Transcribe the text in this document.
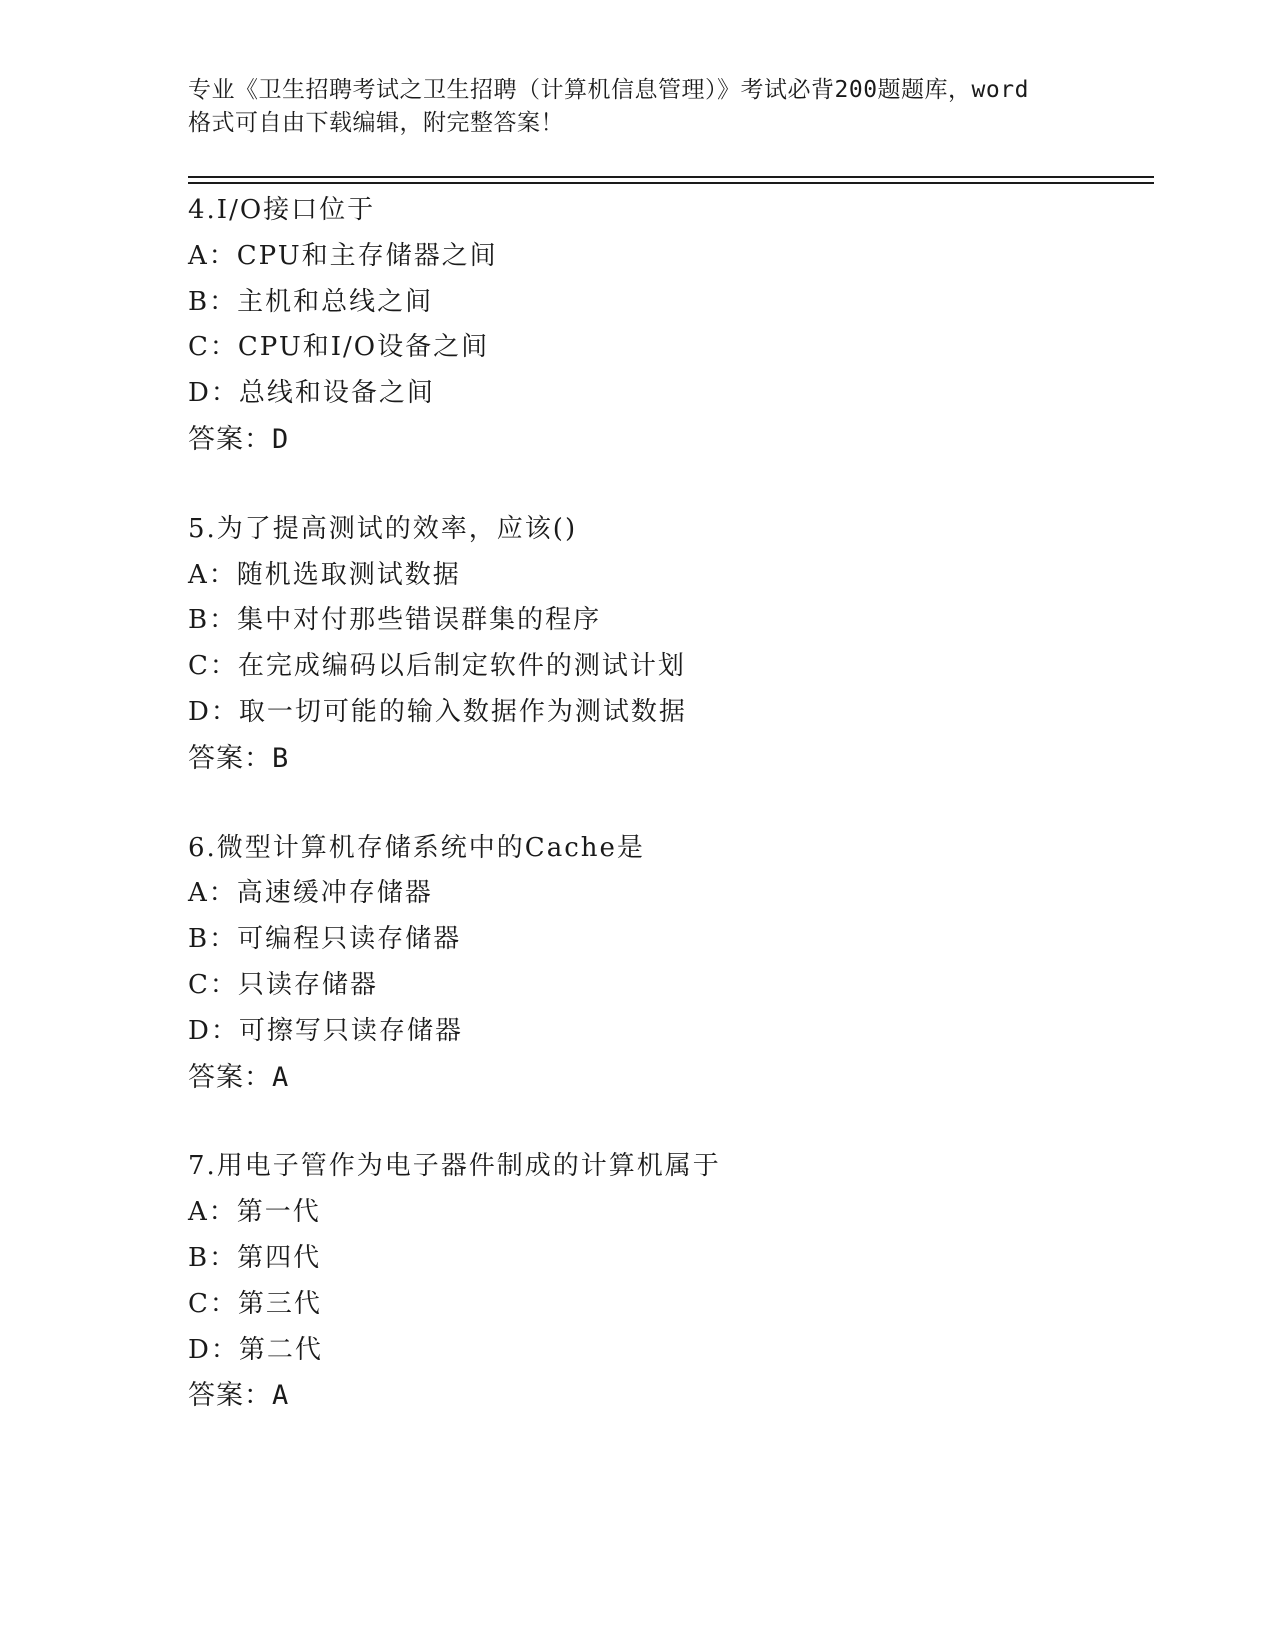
专业《卫生招聘考试之卫生招聘（计算机信息管理）》考试必背200题题库，word
格式可自由下载编辑，附完整答案！
4.I/O接口位于
A：CPU和主存储器之间
B：主机和总线之间
C：CPU和I/O设备之间
D：总线和设备之间
答案：D
5.为了提高测试的效率，应该()
A：随机选取测试数据
B：集中对付那些错误群集的程序
C：在完成编码以后制定软件的测试计划
D：取一切可能的输入数据作为测试数据
答案：B
6.微型计算机存储系统中的Cache是
A：高速缓冲存储器
B：可编程只读存储器
C：只读存储器
D：可擦写只读存储器
答案：A
7.用电子管作为电子器件制成的计算机属于
A：第一代
B：第四代
C：第三代
D：第二代
答案：A
